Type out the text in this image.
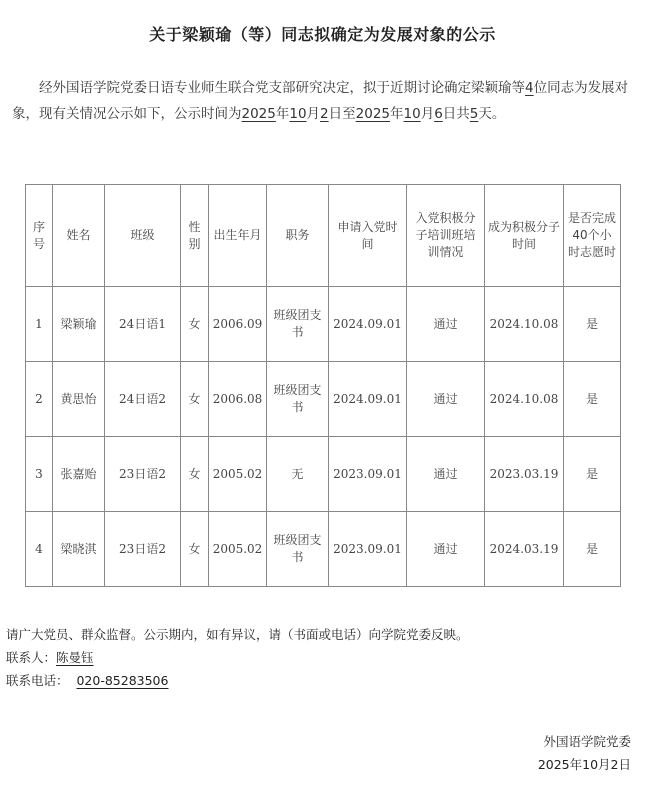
关于梁颖瑜（等）同志拟确定为发展对象的公示
经外国语学院党委日语专业师生联合党支部研究决定，拟于近期讨论确定梁颖瑜等4位同志为发展对象，现有关情况公示如下，公示时间为2025年10月2日至2025年10月6日共5天。
序号	姓名	班级	性别	出生年月	职务	申请入党时间	入党积极分子培训班培训情况	成为积极分子时间	是否完成40个小时志愿时
1	梁颖瑜	24日语1	女	2006.09	班级团支书	2024.09.01	通过	2024.10.08	是
2	黄思怡	24日语2	女	2006.08	班级团支书	2024.09.01	通过	2024.10.08	是
3	张嘉贻	23日语2	女	2005.02	无	2023.09.01	通过	2023.03.19	是
4	梁晓淇	23日语2	女	2005.02	班级团支书	2023.09.01	通过	2024.03.19	是
请广大党员、群众监督。公示期内，如有异议，请（书面或电话）向学院党委反映。
联系人：陈曼钰
联系电话： 020-85283506
外国语学院党委
2025年10月2日
